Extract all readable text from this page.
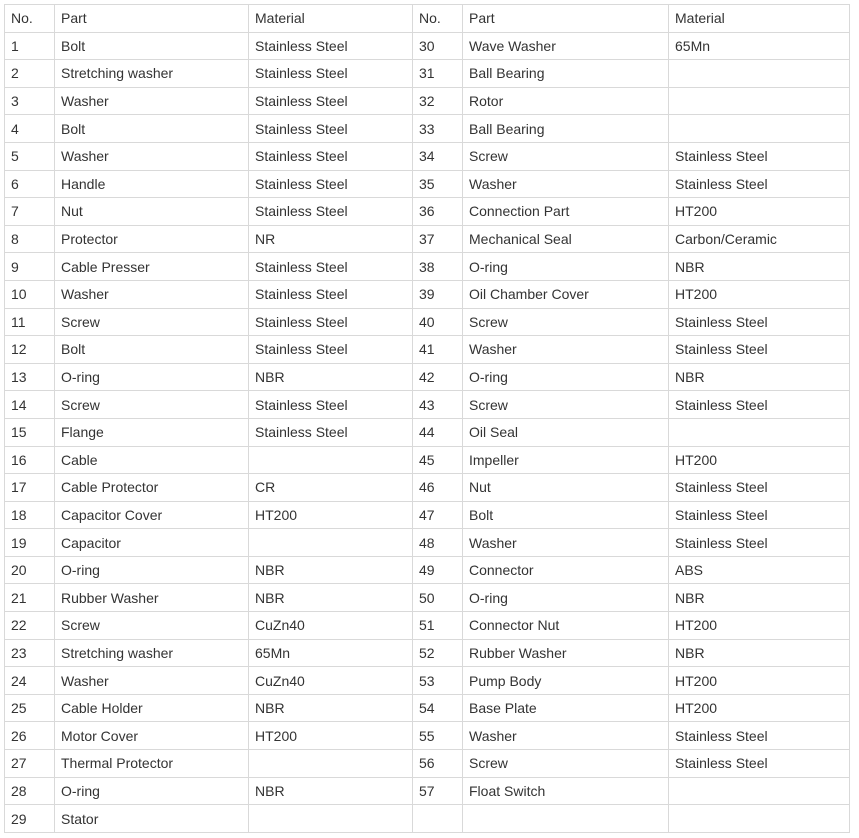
No.	Part	Material	No.	Part	Material
1	Bolt	Stainless Steel	30	Wave Washer	65Mn
2	Stretching washer	Stainless Steel	31	Ball Bearing	
3	Washer	Stainless Steel	32	Rotor	
4	Bolt	Stainless Steel	33	Ball Bearing	
5	Washer	Stainless Steel	34	Screw	Stainless Steel
6	Handle	Stainless Steel	35	Washer	Stainless Steel
7	Nut	Stainless Steel	36	Connection Part	HT200
8	Protector	NR	37	Mechanical Seal	Carbon/Ceramic
9	Cable Presser	Stainless Steel	38	O-ring	NBR
10	Washer	Stainless Steel	39	Oil Chamber Cover	HT200
11	Screw	Stainless Steel	40	Screw	Stainless Steel
12	Bolt	Stainless Steel	41	Washer	Stainless Steel
13	O-ring	NBR	42	O-ring	NBR
14	Screw	Stainless Steel	43	Screw	Stainless Steel
15	Flange	Stainless Steel	44	Oil Seal	
16	Cable		45	Impeller	HT200
17	Cable Protector	CR	46	Nut	Stainless Steel
18	Capacitor Cover	HT200	47	Bolt	Stainless Steel
19	Capacitor		48	Washer	Stainless Steel
20	O-ring	NBR	49	Connector	ABS
21	Rubber Washer	NBR	50	O-ring	NBR
22	Screw	CuZn40	51	Connector Nut	HT200
23	Stretching washer	65Mn	52	Rubber Washer	NBR
24	Washer	CuZn40	53	Pump Body	HT200
25	Cable Holder	NBR	54	Base Plate	HT200
26	Motor Cover	HT200	55	Washer	Stainless Steel
27	Thermal Protector		56	Screw	Stainless Steel
28	O-ring	NBR	57	Float Switch	
29	Stator				
